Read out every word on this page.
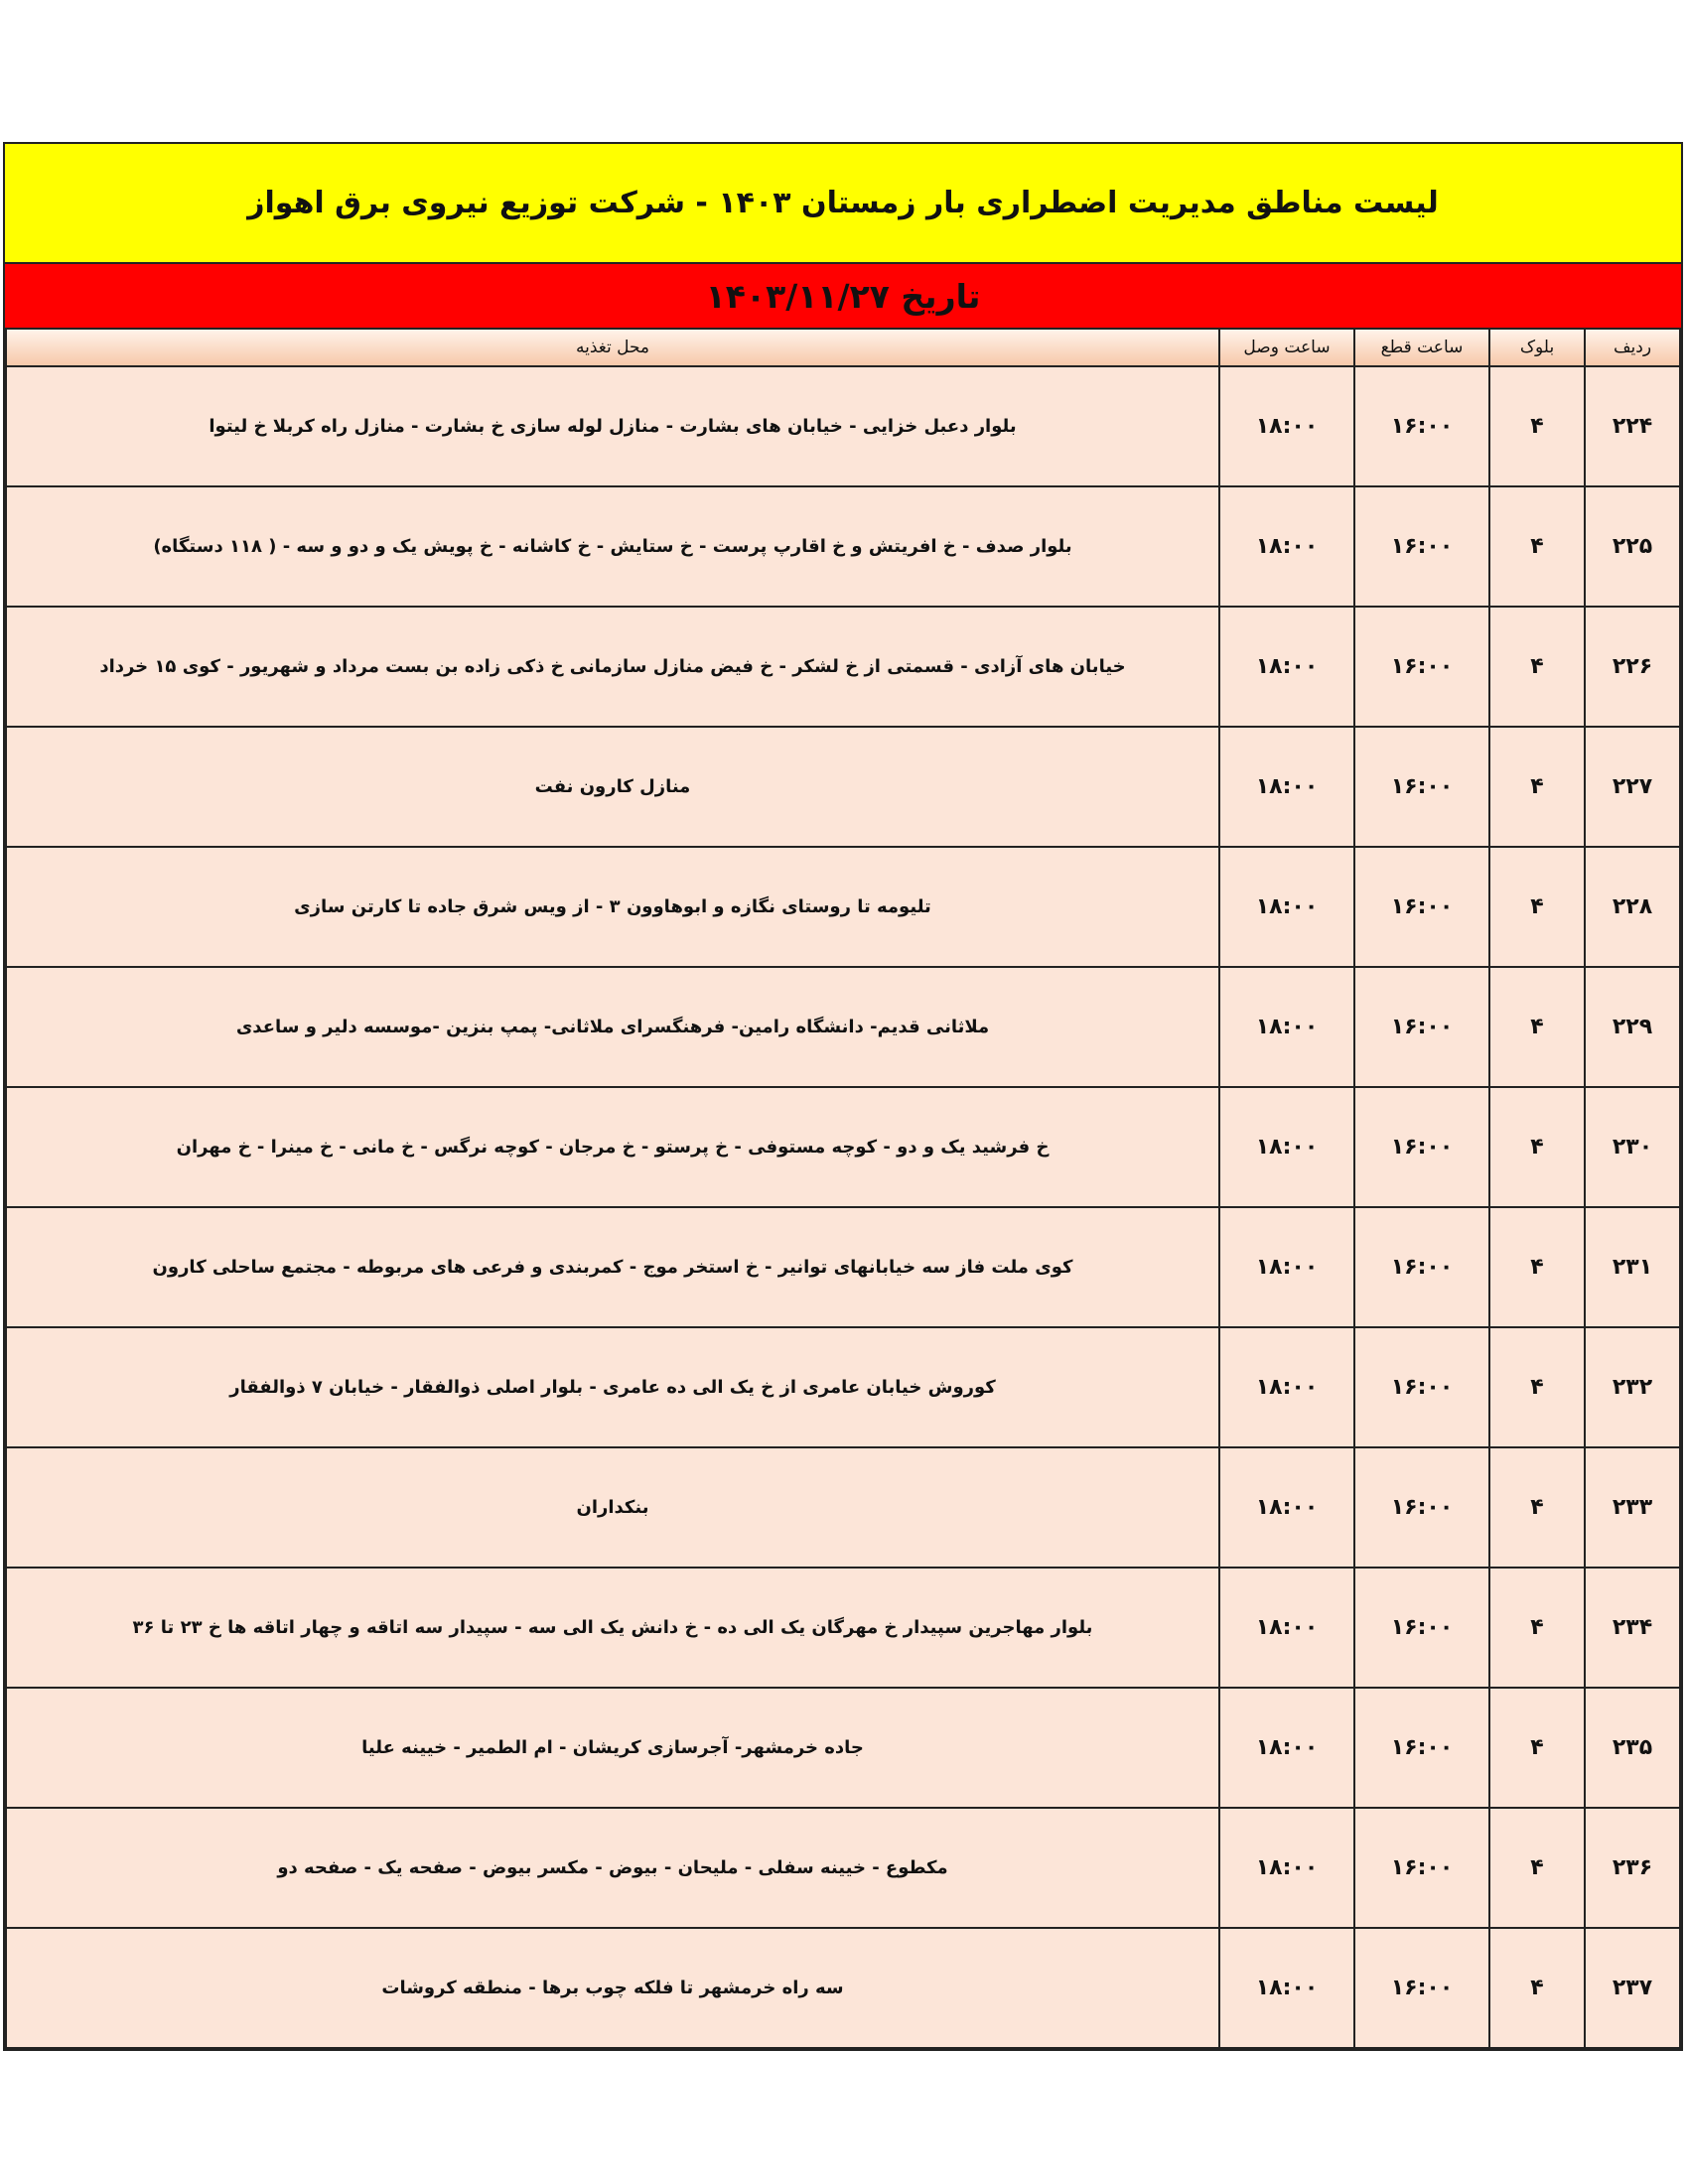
لیست مناطق مدیریت اضطراری بار زمستان ۱۴۰۳ - شرکت توزیع نیروی برق اهواز
تاریخ ۱۴۰۳/۱۱/۲۷
ردیف	بلوک	ساعت قطع	ساعت وصل	محل تغذیه
۲۲۴	۴	۱۶:۰۰	۱۸:۰۰	بلوار دعبل خزایی - خیابان های بشارت - منازل لوله سازی خ بشارت - منازل راه کربلا خ لیتوا
۲۲۵	۴	۱۶:۰۰	۱۸:۰۰	بلوار صدف - خ افریتش و خ اقارپ پرست - خ ستایش - خ کاشانه - خ پویش یک و دو و سه - ( ۱۱۸ دستگاه)
۲۲۶	۴	۱۶:۰۰	۱۸:۰۰	خیابان های آزادی - قسمتی از خ لشکر - خ فیض منازل سازمانی خ ذکی زاده بن بست مرداد و شهریور - کوی ۱۵ خرداد
۲۲۷	۴	۱۶:۰۰	۱۸:۰۰	منازل کارون نفت
۲۲۸	۴	۱۶:۰۰	۱۸:۰۰	تلیومه تا روستای نگازه و ابوهاوون ۳ - از ویس شرق جاده تا کارتن سازی
۲۲۹	۴	۱۶:۰۰	۱۸:۰۰	ملاثانی قدیم- دانشگاه رامین- فرهنگسرای ملاثانی- پمپ بنزین -موسسه دلیر و ساعدی
۲۳۰	۴	۱۶:۰۰	۱۸:۰۰	خ فرشید یک و دو - کوچه مستوفی - خ پرستو - خ مرجان - کوچه نرگس - خ مانی - خ مینرا - خ مهران
۲۳۱	۴	۱۶:۰۰	۱۸:۰۰	کوی ملت فاز سه خیابانهای توانیر - خ استخر موج - کمربندی و فرعی های مربوطه - مجتمع ساحلی کارون
۲۳۲	۴	۱۶:۰۰	۱۸:۰۰	کوروش خیابان عامری از خ یک الی ده عامری - بلوار اصلی ذوالفقار - خیابان ۷ ذوالفقار
۲۳۳	۴	۱۶:۰۰	۱۸:۰۰	بنکداران
۲۳۴	۴	۱۶:۰۰	۱۸:۰۰	بلوار مهاجرین سپیدار خ مهرگان یک الی ده - خ دانش یک الی سه - سپیدار سه اتاقه و چهار اتاقه ها خ ۲۳ تا ۳۶
۲۳۵	۴	۱۶:۰۰	۱۸:۰۰	جاده خرمشهر- آجرسازی کریشان - ام الطمیر - خیینه علیا
۲۳۶	۴	۱۶:۰۰	۱۸:۰۰	مکطوع - خیینه سفلی - ملیحان - بیوض - مکسر بیوض - صفحه یک - صفحه دو
۲۳۷	۴	۱۶:۰۰	۱۸:۰۰	سه راه خرمشهر تا فلکه چوب برها - منطقه کروشات
